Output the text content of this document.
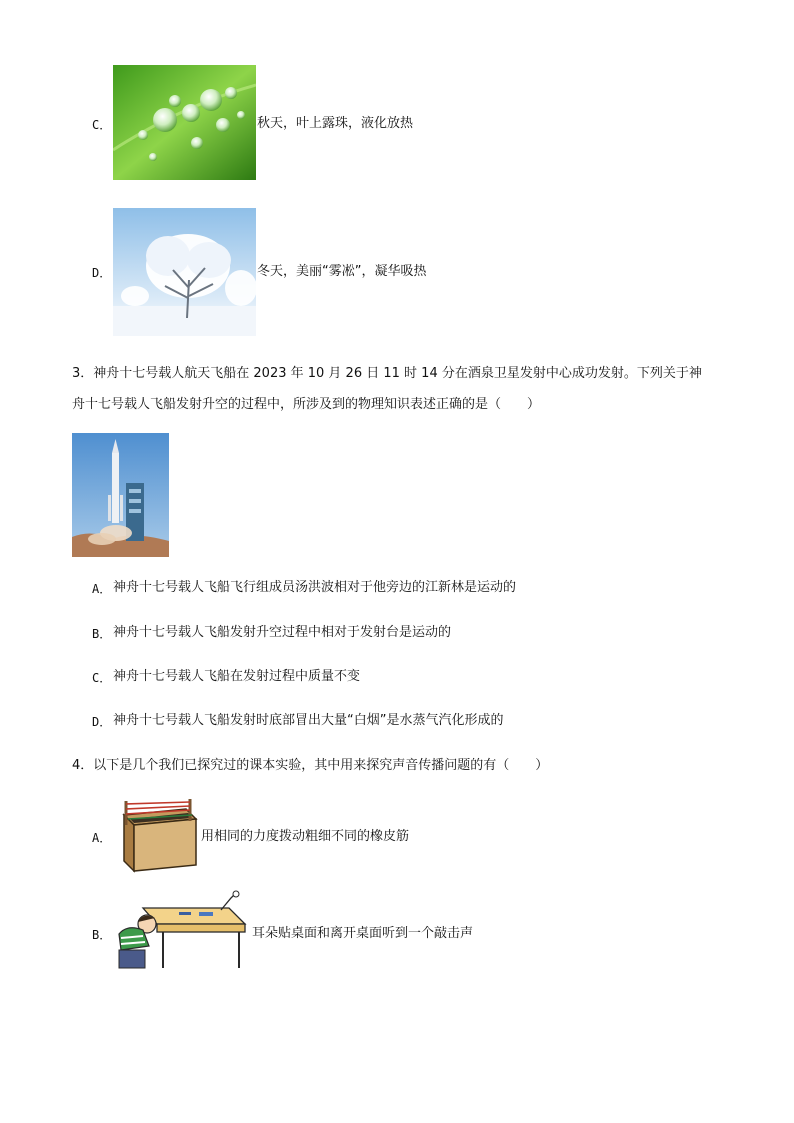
C．	秋天，叶上露珠，液化放热
D．	冬天，美丽“雾凇”，凝华吸热
3．神舟十七号载人航天飞船在 2023 年 10 月 26 日 11 时 14 分在酒泉卫星发射中心成功发射。下列关于神
舟十七号载人飞船发射升空的过程中，所涉及到的物理知识表述正确的是（　　）
A． 神舟十七号载人飞船飞行组成员汤洪波相对于他旁边的江新林是运动的
B． 神舟十七号载人飞船发射升空过程中相对于发射台是运动的
C． 神舟十七号载人飞船在发射过程中质量不变
D． 神舟十七号载人飞船发射时底部冒出大量“白烟”是水蒸气汽化形成的
4．以下是几个我们已探究过的课本实验，其中用来探究声音传播问题的有（　　）
A．	用相同的力度拨动粗细不同的橡皮筋
B．	耳朵贴桌面和离开桌面听到一个敲击声
